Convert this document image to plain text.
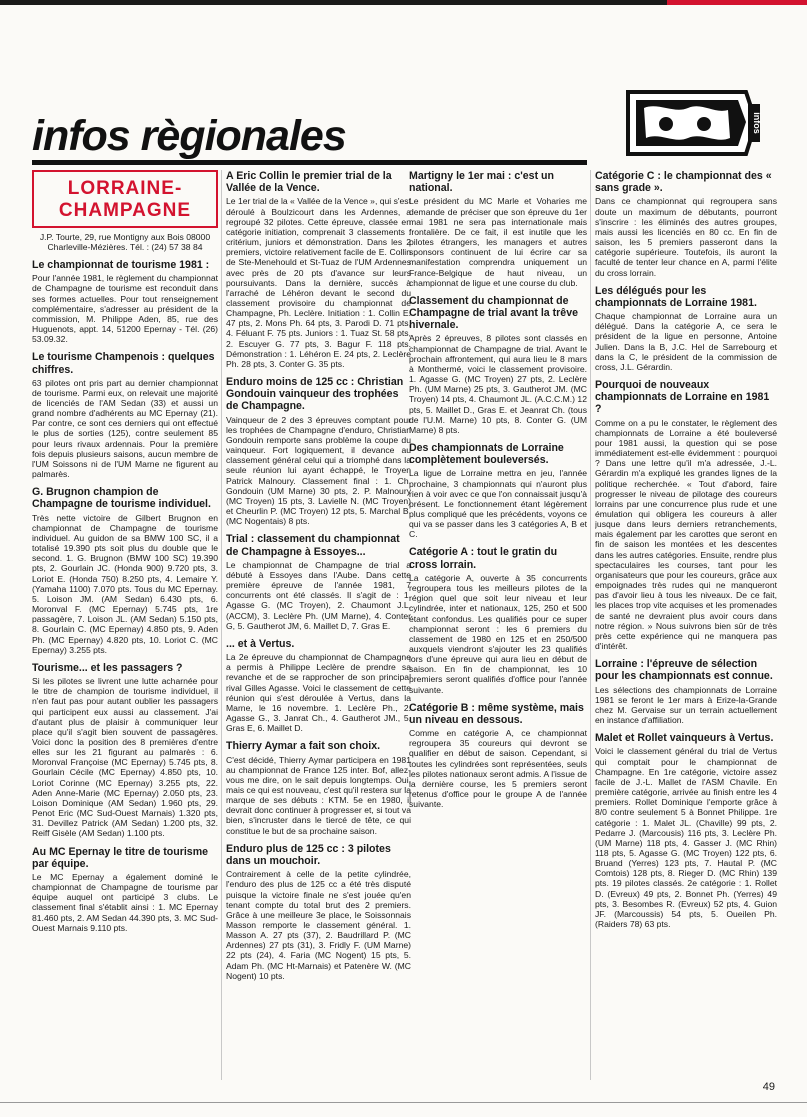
infos règionales	infos
LORRAINE-CHAMPAGNE
J.P. Tourte, 29, rue Montigny aux Bois 08000 Charleville-Mézières. Tél. : (24) 57 38 84
Le championnat de tourisme 1981 :

Pour l'année 1981, le règlement du championnat de Champagne de tourisme est reconduit dans ses formes actuelles. Pour tout renseignement complémentaire, s'adresser au président de la commission, M. Philippe Aden, 85, rue des Huguenots, appt. 14, 51200 Epernay - Tél. (26) 53.09.32.

Le tourisme Champenois : quelques chiffres.

63 pilotes ont pris part au dernier championnat de tourisme. Parmi eux, on relevait une majorité de licenciés de l'AM Sedan (33) et aussi un grand nombre d'adhérents au MC Epernay (21). Par contre, ce sont ces derniers qui ont effectué le plus de sorties (125), contre seulement 85 pour leurs rivaux ardennais. Pour la première fois depuis plusieurs saisons, aucun membre de l'UM Soissons ni de l'UM Marne ne figurent au palmarès.

G. Brugnon champion de Champagne de tourisme individuel.

Très nette victoire de Gilbert Brugnon en championnat de Champagne de tourisme individuel. Au guidon de sa BMW 100 SC, il a totalisé 19.390 pts soit plus du double que le second. 1. G. Brugnon (BMW 100 SC) 19.390 pts, 2. Gourlain JC. (Honda 900) 9.720 pts, 3. Loriot E. (Honda 750) 8.250 pts, 4. Lemaire Y. (Yamaha 1100) 7.070 pts. Tous du MC Epernay. 5. Loison JM. (AM Sedan) 6.430 pts, 6. Moronval F. (MC Epernay) 5.745 pts, 1re passagère, 7. Loison JL. (AM Sedan) 5.150 pts, 8. Gourlain C. (MC Epernay) 4.850 pts, 9. Aden Ph. (MC Epernay) 4.820 pts, 10. Loriot C. (MC Epernay) 3.255 pts.

Tourisme... et les passagers ?

Si les pilotes se livrent une lutte acharnée pour le titre de champion de tourisme individuel, il n'en faut pas pour autant oublier les passagers qui participent eux aussi au classement. J'ai d'autant plus de plaisir à communiquer leur place qu'il s'agit bien souvent de passagères. Voici donc la position des 8 premières d'entre elles sur les 21 figurant au palmarès : 6. Moronval Françoise (MC Epernay) 5.745 pts, 8. Gourlain Cécile (MC Epernay) 4.850 pts, 10. Loriot Corinne (MC Epernay) 3.255 pts, 22. Aden Anne-Marie (MC Epernay) 2.050 pts, 23. Loison Dominique (AM Sedan) 1.960 pts, 29. Penot Eric (MC Sud-Ouest Marnais) 1.320 pts, 31. Devillez Patrick (AM Sedan) 1.200 pts, 32. Reiff Gisèle (AM Sedan) 1.100 pts.

Au MC Epernay le titre de tourisme par équipe.

Le MC Epernay a également dominé le championnat de Champagne de tourisme par équipe auquel ont participé 3 clubs. Le classement final s'établit ainsi : 1. MC Epernay 81.460 pts, 2. AM Sedan 44.390 pts, 3. MC Sud-Ouest Marnais 9.110 pts.

A Eric Collin le premier trial de la Vallée de la Vence.

Le 1er trial de la « Vallée de la Vence », qui s'est déroulé à Boulzicourt dans les Ardennes, a regroupé 32 pilotes. Cette épreuve, classée en catégorie initiation, comprenait 3 classements : critérium, juniors et démonstration. Dans les 2 premiers, victoire relativement facile de E. Collin de Ste-Menehould et St-Tuaz de l'UM Ardennes avec près de 20 pts d'avance sur leurs poursuivants. Dans la dernière, succès à l'arraché de Léhéron devant le second du classement provisoire du championnat de Champagne, Ph. Leclère. Initiation : 1. Collin E. 47 pts, 2. Mons Ph. 64 pts, 3. Parodi D. 71 pts, 4. Féluant F. 75 pts. Juniors : 1. Tuaz St. 58 pts, 2. Escuyer G. 77 pts, 3. Bagur F. 118 pts. Démonstration : 1. Léhéron E. 24 pts, 2. Leclère Ph. 28 pts, 3. Conter G. 35 pts.

Enduro moins de 125 cc : Christian Gondouin vainqueur des trophées de Champagne.

Vainqueur de 2 des 3 épreuves comptant pour les trophées de Champagne d'enduro, Christian Gondouin remporte sans problème la coupe du vainqueur. Fort logiquement, il devance au classement général celui qui a triomphé dans la seule réunion lui ayant échappé, le Troyen Patrick Malnoury. Classement final : 1. Ch. Gondouin (UM Marne) 30 pts, 2. P. Malnoury (MC Troyen) 15 pts, 3. Lavielle N. (MC Troyen) et Cheurlin P. (MC Troyen) 12 pts, 5. Marchal B. (MC Nogentais) 8 pts.

Trial : classement du championnat de Champagne à Essoyes...

Le championnat de Champagne de trial a débuté à Essoyes dans l'Aube. Dans cette première épreuve de l'année 1981, 7 concurrents ont été classés. Il s'agit de : 1. Agasse G. (MC Troyen), 2. Chaumont J.L. (ACCM), 3. Leclère Ph. (UM Marne), 4. Conter G, 5. Gautherot JM, 6. Maillet D, 7. Gras E.

... et à Vertus.

La 2e épreuve du championnat de Champagne a permis à Philippe Leclère de prendre sa revanche et de se rapprocher de son principal rival Gilles Agasse. Voici le classement de cette réunion qui s'est déroulée à Vertus, dans la Marne, le 16 novembre. 1. Leclère Ph., 2. Agasse G., 3. Janrat Ch., 4. Gautherot JM., 5. Gras E, 6. Maillet D.

Thierry Aymar a fait son choix.

C'est décidé, Thierry Aymar participera en 1981 au championnat de France 125 inter. Bof, allez-vous me dire, on le sait depuis longtemps. Oui, mais ce qui est nouveau, c'est qu'il restera sur la marque de ses débuts : KTM. 5e en 1980, il devrait donc continuer à progresser et, si tout va bien, s'incruster dans le tiercé de tête, ce qui constitue le but de sa prochaine saison.

Enduro plus de 125 cc : 3 pilotes dans un mouchoir.

Contrairement à celle de la petite cylindrée, l'enduro des plus de 125 cc a été très disputé puisque la victoire finale ne s'est jouée qu'en tenant compte du total brut des 2 premiers. Grâce à une meilleure 3e place, le Soissonnais Masson remporte le classement général. 1. Masson A. 27 pts (37), 2. Baudrillard P. (MC Ardennes) 27 pts (31), 3. Fridly F. (UM Marne) 22 pts (24), 4. Faria (MC Nogent) 15 pts, 5. Adam Ph. (MC Ht-Marnais) et Patenère W. (MC Nogent) 10 pts.

Martigny le 1er mai : c'est un national.

Le président du MC Marle et Voharies me demande de préciser que son épreuve du 1er mai 1981 ne sera pas internationale mais frontalière. De ce fait, il est inutile que les pilotes étrangers, les managers et autres sponsors continuent de lui écrire car sa manifestation comprendra uniquement un France-Belgique de haut niveau, un championnat de ligue et une course du club.

Classement du championnat de Champagne de trial avant la trêve hivernale.

Après 2 épreuves, 8 pilotes sont classés en championnat de Champagne de trial. Avant le prochain affrontement, qui aura lieu le 8 mars à Monthermé, voici le classement provisoire. 1. Agasse G. (MC Troyen) 27 pts, 2. Leclère Ph. (UM Marne) 25 pts, 3. Gautherot JM. (MC Troyen) 14 pts, 4. Chaumont JL. (A.C.C.M.) 12 pts, 5. Maillet D., Gras E. et Jeanrat Ch. (tous de l'U.M. Marne) 10 pts, 8. Conter G. (UM Marne) 8 pts.

Des championnats de Lorraine complètement bouleversés.

La ligue de Lorraine mettra en jeu, l'année prochaine, 3 championnats qui n'auront plus rien à voir avec ce que l'on connaissait jusqu'à présent. Le fonctionnement étant légèrement plus compliqué que les précédents, voyons ce qui va se passer dans les 3 catégories A, B et C.

Catégorie A : tout le gratin du cross lorrain.

La catégorie A, ouverte à 35 concurrents regroupera tous les meilleurs pilotes de la région quel que soit leur niveau et leur cylindrée, inter et nationaux, 125, 250 et 500 étant confondus. Les qualifiés pour ce super championnat seront : les 6 premiers du classement de 1980 en 125 et en 250/500 auxquels viendront s'ajouter les 23 qualifiés lors d'une épreuve qui aura lieu en début de saison. En fin de championnat, les 10 premiers seront qualifiés d'office pour l'année suivante.

Catégorie B : même système, mais un niveau en dessous.

Comme en catégorie A, ce championnat regroupera 35 coureurs qui devront se qualifier en début de saison. Cependant, si toutes les cylindrées sont représentées, seuls les pilotes nationaux seront admis. A l'issue de la dernière course, les 5 premiers seront retenus d'office pour le groupe A de l'année suivante.

Catégorie C : le championnat des « sans grade ».

Dans ce championnat qui regroupera sans doute un maximum de débutants, pourront s'inscrire : les éliminés des autres groupes, mais aussi les licenciés en 80 cc. En fin de saison, les 5 premiers passeront dans la catégorie supérieure. Toutefois, ils auront la faculté de tenter leur chance en A, parmi l'élite du cross lorrain.

Les délégués pour les championnats de Lorraine 1981.

Chaque championnat de Lorraine aura un délégué. Dans la catégorie A, ce sera le président de la ligue en personne, Antoine Julien. Dans la B, J.C. Hel de Sarrebourg et dans la C, le président de la commission de cross, J.L. Gérardin.

Pourquoi de nouveaux championnats de Lorraine en 1981 ?

Comme on a pu le constater, le règlement des championnats de Lorraine a été bouleversé pour 1981 aussi, la question qui se pose immédiatement est-elle évidemment : pourquoi ? Dans une lettre qu'il m'a adressée, J.-L. Gérardin m'a expliqué les grandes lignes de la politique recherchée. « Tout d'abord, faire progresser le niveau de pilotage des coureurs lorrains par une concurrence plus rude et une émulation qui obligera les coureurs à aller jusque dans leurs derniers retranchements, mais également par les carottes que seront en fin de saison les montées et les descentes dans les autres catégories. Ensuite, rendre plus spectaculaires les courses, tant pour les organisateurs que pour les coureurs, grâce aux empoignades très rudes qui ne manqueront pas d'avoir lieu à tous les niveaux. De ce fait, les places trop vite acquises et les promenades de santé ne devraient plus avoir cours dans notre région. » Nous suivrons bien sûr de très près cette expérience qui ne manquera pas d'intérêt.

Lorraine : l'épreuve de sélection pour les championnats est connue.

Les sélections des championnats de Lorraine 1981 se feront le 1er mars à Erize-la-Grande chez M. Gervaise sur un terrain actuellement en instance d'affiliation.

Malet et Rollet vainqueurs à Vertus.

Voici le classement général du trial de Vertus qui comptait pour le championnat de Champagne. En 1re catégorie, victoire assez facile de J.-L. Mallet de l'ASM Chavile. En première catégorie, arrivée au finish entre les 4 premiers. Rollet Dominique l'emporte grâce à 8/0 contre seulement 5 à Bonnet Philippe. 1re catégorie : 1. Malet JL. (Chaville) 99 pts, 2. Pedarre J. (Marcousis) 116 pts, 3. Leclère Ph. (UM Marne) 118 pts, 4. Gasser J. (MC Rhin) 118 pts, 5. Agasse G. (MC Troyen) 122 pts, 6. Bruand (Yerres) 123 pts, 7. Hautal P. (MC Comtois) 128 pts, 8. Rieger D. (MC Rhin) 139 pts. 19 pilotes classés. 2e catégorie : 1. Rollet D. (Evreux) 49 pts, 2. Bonnet Ph. (Yerres) 49 pts, 3. Besombes R. (Evreux) 52 pts, 4. Guion JF. (Marcoussis) 54 pts, 5. Oueilen Ph. (Raiders 78) 63 pts.

49
